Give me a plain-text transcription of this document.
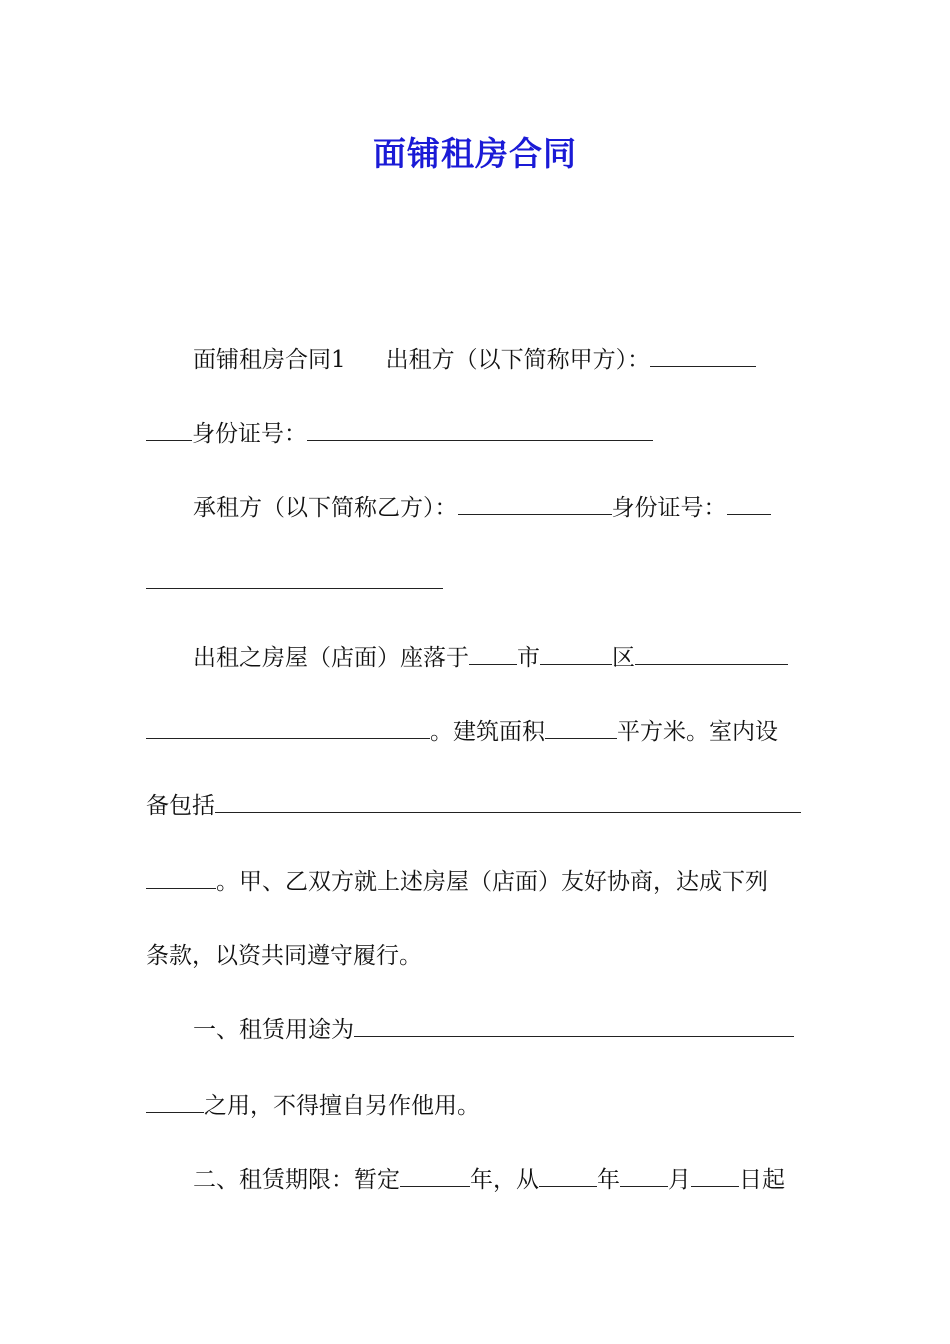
面铺租房合同
面铺租房合同1 出租方（以下简称甲方）：
身份证号：
承租方（以下简称乙方）：	身份证号：
出租之房屋（店面）座落于 市	区
。建筑面积	平方米。室内设
备包括
。甲、乙双方就上述房屋（店面）友好协商，达成下列
条款，以资共同遵守履行。
一、租赁用途为
之用，不得擅自另作他用。
二、租赁期限：暂定	年，从	年 月 日起
